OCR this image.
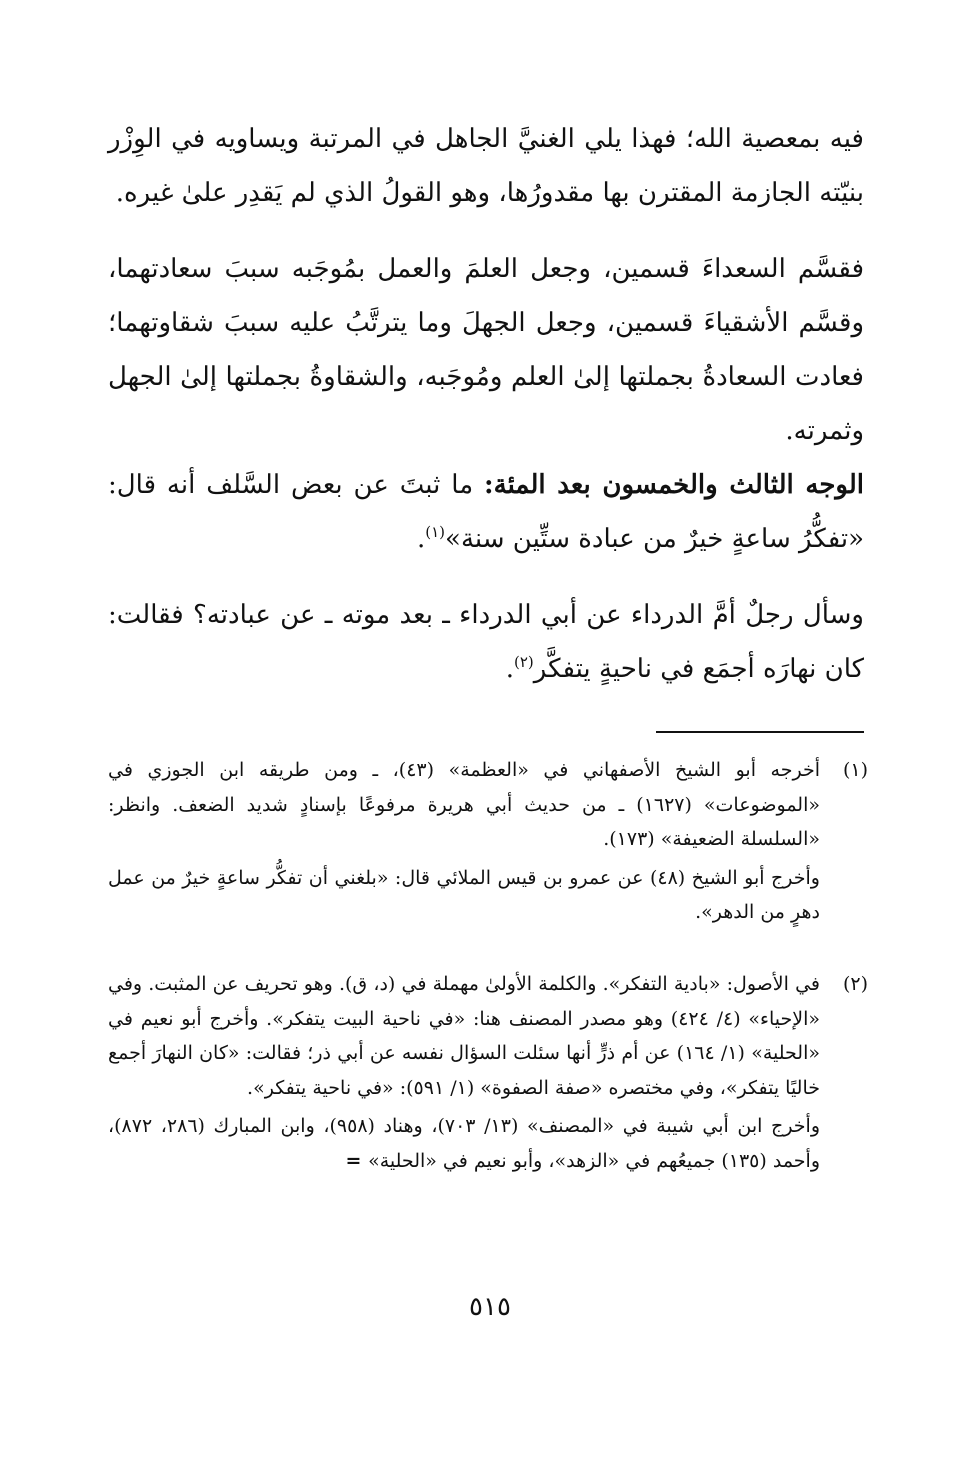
فيه بمعصية الله؛ فهذا يلي الغنيَّ الجاهل في المرتبة ويساويه في الوِزْر بنيّته الجازمة المقترن بها مقدورُها، وهو القولُ الذي لم يَقدِر علىٰ غيره.

فقسَّم السعداءَ قسمين، وجعل العلمَ والعمل بمُوجَبه سببَ سعادتهما، وقسَّم الأشقياءَ قسمين، وجعل الجهلَ وما يترتَّبُ عليه سببَ شقاوتهما؛ فعادت السعادةُ بجملتها إلىٰ العلم ومُوجَبه، والشقاوةُ بجملتها إلىٰ الجهل وثمرته.

الوجه الثالث والخمسون بعد المئة: ما ثبتَ عن بعض السَّلف أنه قال: «تفكُّرُ ساعةٍ خيرٌ من عبادة ستِّين سنة»$^{(١)}$.

وسأل رجلٌ أمَّ الدرداء عن أبي الدرداء ـ بعد موته ـ عن عبادته؟ فقالت: كان نهارَه أجمَع في ناحيةٍ يتفكَّر$^{(٢)}$.

(١)

أخرجه أبو الشيخ الأصفهاني في «العظمة» (٤٣)، ـ ومن طريقه ابن الجوزي في «الموضوعات» (١٦٢٧) ـ من حديث أبي هريرة مرفوعًا بإسنادٍ شديد الضعف. وانظر: «السلسلة الضعيفة» (١٧٣).

وأخرج أبو الشيخ (٤٨) عن عمرو بن قيس الملائي قال: «بلغني أن تفكُّر ساعةٍ خيرٌ من عمل دهرٍ من الدهر».

(٢)

في الأصول: «بادية التفكر». والكلمة الأولىٰ مهملة في (د، ق). وهو تحريف عن المثبت. وفي «الإحياء» (٤/ ٤٢٤) وهو مصدر المصنف هنا: «في ناحية البيت يتفكر». وأخرج أبو نعيم في «الحلية» (١/ ١٦٤) عن أم ذرٍّ أنها سئلت السؤال نفسه عن أبي ذر؛ فقالت: «كان النهارَ أجمع خاليًا يتفكر»، وفي مختصره «صفة الصفوة» (١/ ٥٩١): «في ناحية يتفكر».

وأخرج ابن أبي شيبة في «المصنف» (١٣/ ٧٠٣)، وهناد (٩٥٨)، وابن المبارك (٢٨٦، ٨٧٢)، وأحمد (١٣٥) جميعُهم في «الزهد»، وأبو نعيم في «الحلية» =

٥١٥
